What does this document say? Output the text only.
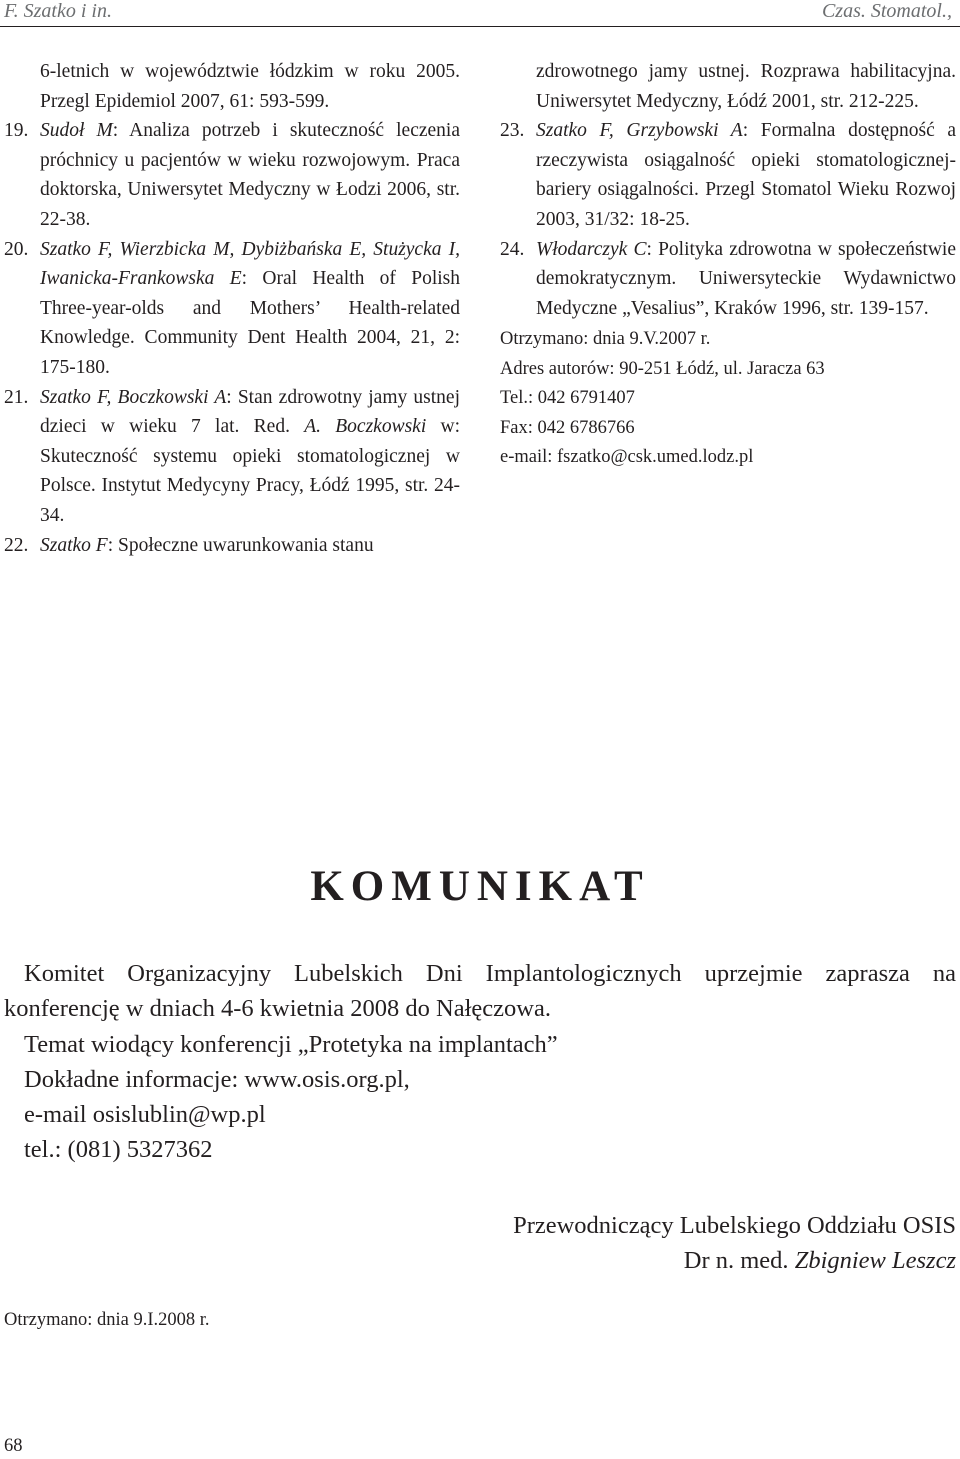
F. Szatko i in.	Czas. Stomatol.,
6-letnich w województwie łódzkim w roku 2005. Przegl Epidemiol 2007, 61: 593-599.
19. Sudoł M: Analiza potrzeb i skuteczność leczenia próchnicy u pacjentów w wieku rozwojowym. Praca doktorska, Uniwersytet Medyczny w Łodzi 2006, str. 22-38.
20. Szatko F, Wierzbicka M, Dybiżbańska E, Stużycka I, Iwanicka-Frankowska E: Oral Health of Polish Three-year-olds and Mothers’ Health-related Knowledge. Community Dent Health 2004, 21, 2: 175-180.
21. Szatko F, Boczkowski A: Stan zdrowotny jamy ustnej dzieci w wieku 7 lat. Red. A. Boczkowski w: Skuteczność systemu opieki stomatologicznej w Polsce. Instytut Medycyny Pracy, Łódź 1995, str. 24-34.
22. Szatko F: Społeczne uwarunkowania stanu
zdrowotnego jamy ustnej. Rozprawa habilitacyjna. Uniwersytet Medyczny, Łódź 2001, str. 212-225.
23. Szatko F, Grzybowski A: Formalna dostępność a rzeczywista osiągalność opieki stomatologicznej-bariery osiągalności. Przegl Stomatol Wieku Rozwoj 2003, 31/32: 18-25.
24. Włodarczyk C: Polityka zdrowotna w społeczeństwie demokratycznym. Uniwersyteckie Wydawnictwo Medyczne „Vesalius”, Kraków 1996, str. 139-157.
Otrzymano: dnia 9.V.2007 r.
Adres autorów: 90-251 Łódź, ul. Jaracza 63
Tel.: 042 6791407
Fax: 042 6786766
e-mail: fszatko@csk.umed.lodz.pl
KOMUNIKAT
Komitet Organizacyjny Lubelskich Dni Implantologicznych uprzejmie zaprasza na konferencję w dniach 4-6 kwietnia 2008 do Nałęczowa.
Temat wiodący konferencji „Protetyka na implantach”
Dokładne informacje: www.osis.org.pl,
e-mail osislublin@wp.pl
tel.: (081) 5327362
Przewodniczący Lubelskiego Oddziału OSIS
Dr n. med. Zbigniew Leszcz
Otrzymano: dnia 9.I.2008 r.
68
